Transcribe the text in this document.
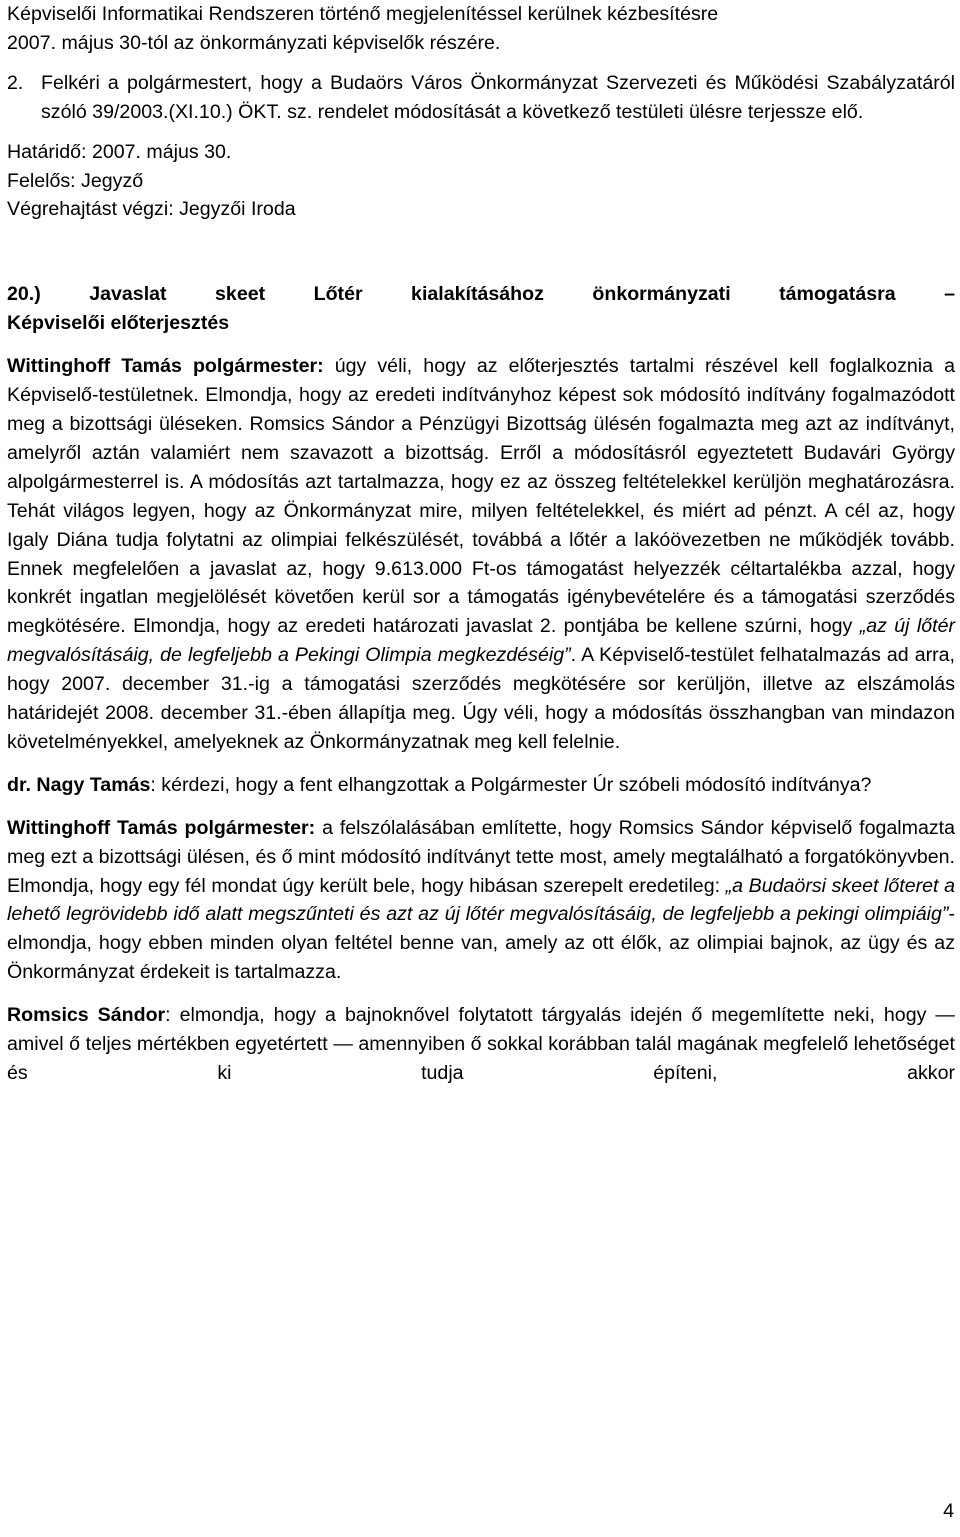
Képviselői Informatikai Rendszeren történő megjelenítéssel kerülnek kézbesítésre
2007. május 30-tól az önkormányzati képviselők részére.

2. Felkéri a polgármestert, hogy a Budaörs Város Önkormányzat Szervezeti és Működési Szabályzatáról szóló 39/2003.(XI.10.) ÖKT. sz. rendelet módosítását a következő testületi ülésre terjessze elő.

Határidő: 2007. május 30.

Felelős: Jegyző

Végrehajtást végzi: Jegyzői Iroda

20.) Javaslat skeet Lőtér kialakításához önkormányzati támogatásra –

Képviselői előterjesztés

Wittinghoff Tamás polgármester: úgy véli, hogy az előterjesztés tartalmi részével kell foglalkoznia a Képviselő-testületnek. Elmondja, hogy az eredeti indítványhoz képest sok módosító indítvány fogalmazódott meg a bizottsági üléseken. Romsics Sándor a Pénzügyi Bizottság ülésén fogalmazta meg azt az indítványt, amelyről aztán valamiért nem szavazott a bizottság. Erről a módosításról egyeztetett Budavári György alpolgármesterrel is. A módosítás azt tartalmazza, hogy ez az összeg feltételekkel kerüljön meghatározásra. Tehát világos legyen, hogy az Önkormányzat mire, milyen feltételekkel, és miért ad pénzt. A cél az, hogy Igaly Diána tudja folytatni az olimpiai felkészülését, továbbá a lőtér a lakóövezetben ne működjék tovább. Ennek megfelelően a javaslat az, hogy 9.613.000 Ft-os támogatást helyezzék céltartalékba azzal, hogy konkrét ingatlan megjelölését követően kerül sor a támogatás igénybevételére és a támogatási szerződés megkötésére. Elmondja, hogy az eredeti határozati javaslat 2. pontjába be kellene szúrni, hogy „az új lőtér megvalósításáig, de legfeljebb a Pekingi Olimpia megkezdéséig”. A Képviselő-testület felhatalmazás ad arra, hogy 2007. december 31.-ig a támogatási szerződés megkötésére sor kerüljön, illetve az elszámolás határidejét 2008. december 31.-ében állapítja meg. Úgy véli, hogy a módosítás összhangban van mindazon követelményekkel, amelyeknek az Önkormányzatnak meg kell felelnie.

dr. Nagy Tamás: kérdezi, hogy a fent elhangzottak a Polgármester Úr szóbeli módosító indítványa?

Wittinghoff Tamás polgármester: a felszólalásában említette, hogy Romsics Sándor képviselő fogalmazta meg ezt a bizottsági ülésen, és ő mint módosító indítványt tette most, amely megtalálható a forgatókönyvben. Elmondja, hogy egy fél mondat úgy került bele, hogy hibásan szerepelt eredetileg: „a Budaörsi skeet lőteret a lehető legrövidebb idő alatt megszűnteti és azt az új lőtér megvalósításáig, de legfeljebb a pekingi olimpiáig”- elmondja, hogy ebben minden olyan feltétel benne van, amely az ott élők, az olimpiai bajnok, az ügy és az Önkormányzat érdekeit is tartalmazza.

Romsics Sándor: elmondja, hogy a bajnoknővel folytatott tárgyalás idején ő megemlítette neki, hogy — amivel ő teljes mértékben egyetértett — amennyiben ő sokkal korábban talál magának megfelelő lehetőséget és ki tudja építeni, akkor

4
